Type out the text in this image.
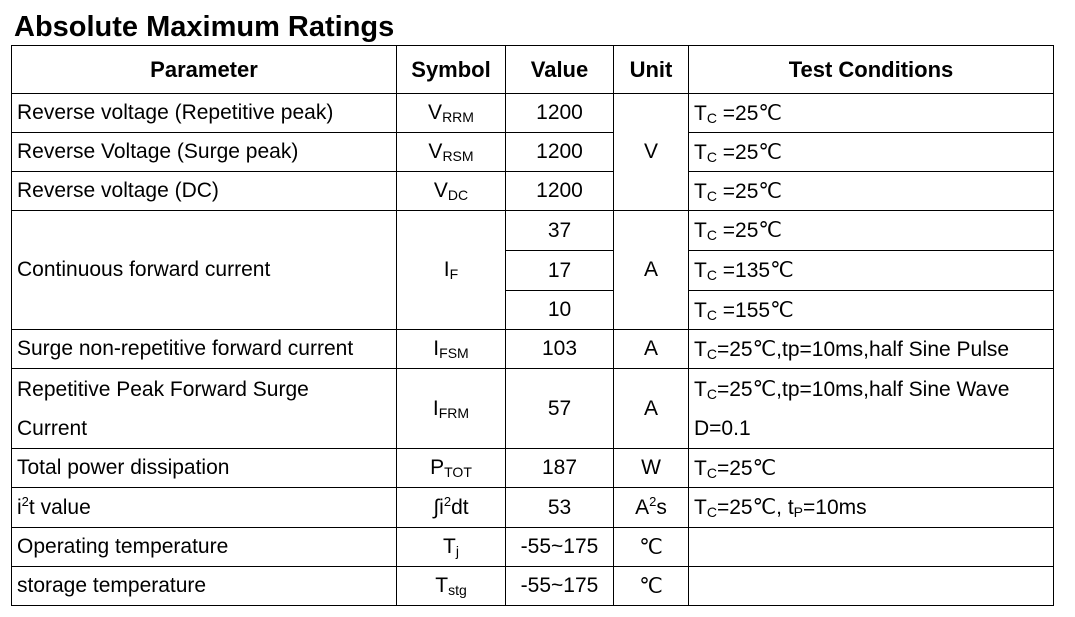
Absolute Maximum Ratings
Parameter	Symbol	Value	Unit	Test Conditions
Reverse voltage (Repetitive peak)	$V_{RRM}$	1200	V	$T_C$ =25℃
Reverse Voltage (Surge peak)	$V_{RSM}$	1200		$T_C$ =25℃
Reverse voltage (DC)	$V_{DC}$	1200		$T_C$ =25℃
Continuous forward current	$I_F$	37	A	$T_C$ =25℃
		17		$T_C$ =135℃
		10		$T_C$ =155℃
Surge non-repetitive forward current	$I_{FSM}$	103	A	$T_C=25℃,tp=10ms,half$ Sine Pulse
Repetitive Peak Forward Surge
Current	$I_{FRM}$	57	A	$T_C=25℃,tp=10ms,half$ Sine Wave
D=0.1
Total power dissipation	$P_{TOT}$	187	W	$T_C=25℃$
$i^2t$ value	$\int i^2dt$	53	$A^2s$	$T_C=25℃$, $t_P=10ms$
Operating temperature	$T_j$	-55~175	℃	
storage temperature	$T_{stg}$	-55~175	℃	
